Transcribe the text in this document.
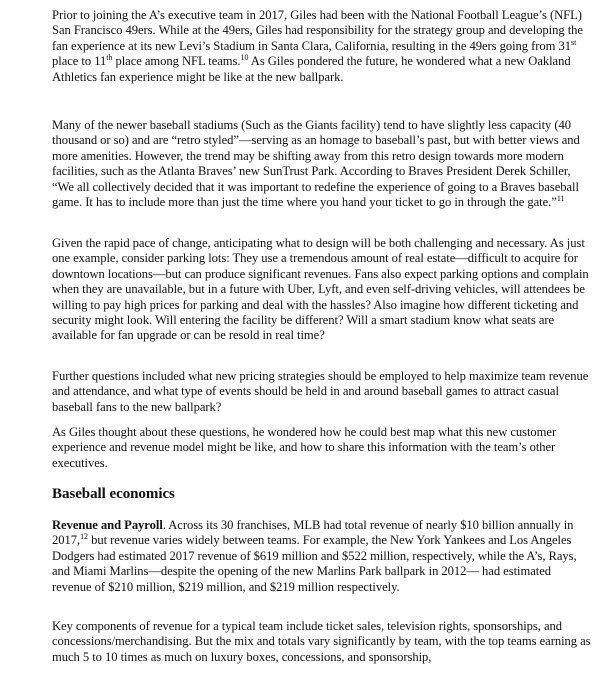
Prior to joining the A’s executive team in 2017, Giles had been with the National Football League’s (NFL) San Francisco 49ers. While at the 49ers, Giles had responsibility for the strategy group and developing the fan experience at its new Levi’s Stadium in Santa Clara, California, resulting in the 49ers going from 31st place to 11th place among NFL teams.$^{10}$ As Giles pondered the future, he wondered what a new Oakland Athletics fan experience might be like at the new ballpark.

Many of the newer baseball stadiums (Such as the Giants facility) tend to have slightly less capacity (40 thousand or so) and are “retro styled”—serving as an homage to baseball’s past, but with better views and more amenities. However, the trend may be shifting away from this retro design towards more modern facilities, such as the Atlanta Braves’ new SunTrust Park. According to Braves President Derek Schiller, “We all collectively decided that it was important to redefine the experience of going to a Braves baseball game. It has to include more than just the time where you hand your ticket to go in through the gate.”$^{11}$

Given the rapid pace of change, anticipating what to design will be both challenging and necessary. As just one example, consider parking lots: They use a tremendous amount of real estate—difficult to acquire for downtown locations—but can produce significant revenues. Fans also expect parking options and complain when they are unavailable, but in a future with Uber, Lyft, and even self-driving vehicles, will attendees be willing to pay high prices for parking and deal with the hassles? Also imagine how different ticketing and security might look. Will entering the facility be different? Will a smart stadium know what seats are available for fan upgrade or can be resold in real time?

Further questions included what new pricing strategies should be employed to help maximize team revenue and attendance, and what type of events should be held in and around baseball games to attract casual baseball fans to the new ballpark?

As Giles thought about these questions, he wondered how he could best map what this new customer experience and revenue model might be like, and how to share this information with the team’s other executives.

Baseball economics

Revenue and Payroll. Across its 30 franchises, MLB had total revenue of nearly $10 billion annually in 2017,12 but revenue varies widely between teams. For example, the New York Yankees and Los Angeles Dodgers had estimated 2017 revenue of $619 million and $522 million, respectively, while the A’s, Rays, and Miami Marlins—despite the opening of the new Marlins Park ballpark in 2012— had estimated revenue of $210 million, $219 million, and $219 million respectively.

Key components of revenue for a typical team include ticket sales, television rights, sponsorships, and concessions/merchandising. But the mix and totals vary significantly by team, with the top teams earning as much 5 to 10 times as much on luxury boxes, concessions, and sponsorship,
